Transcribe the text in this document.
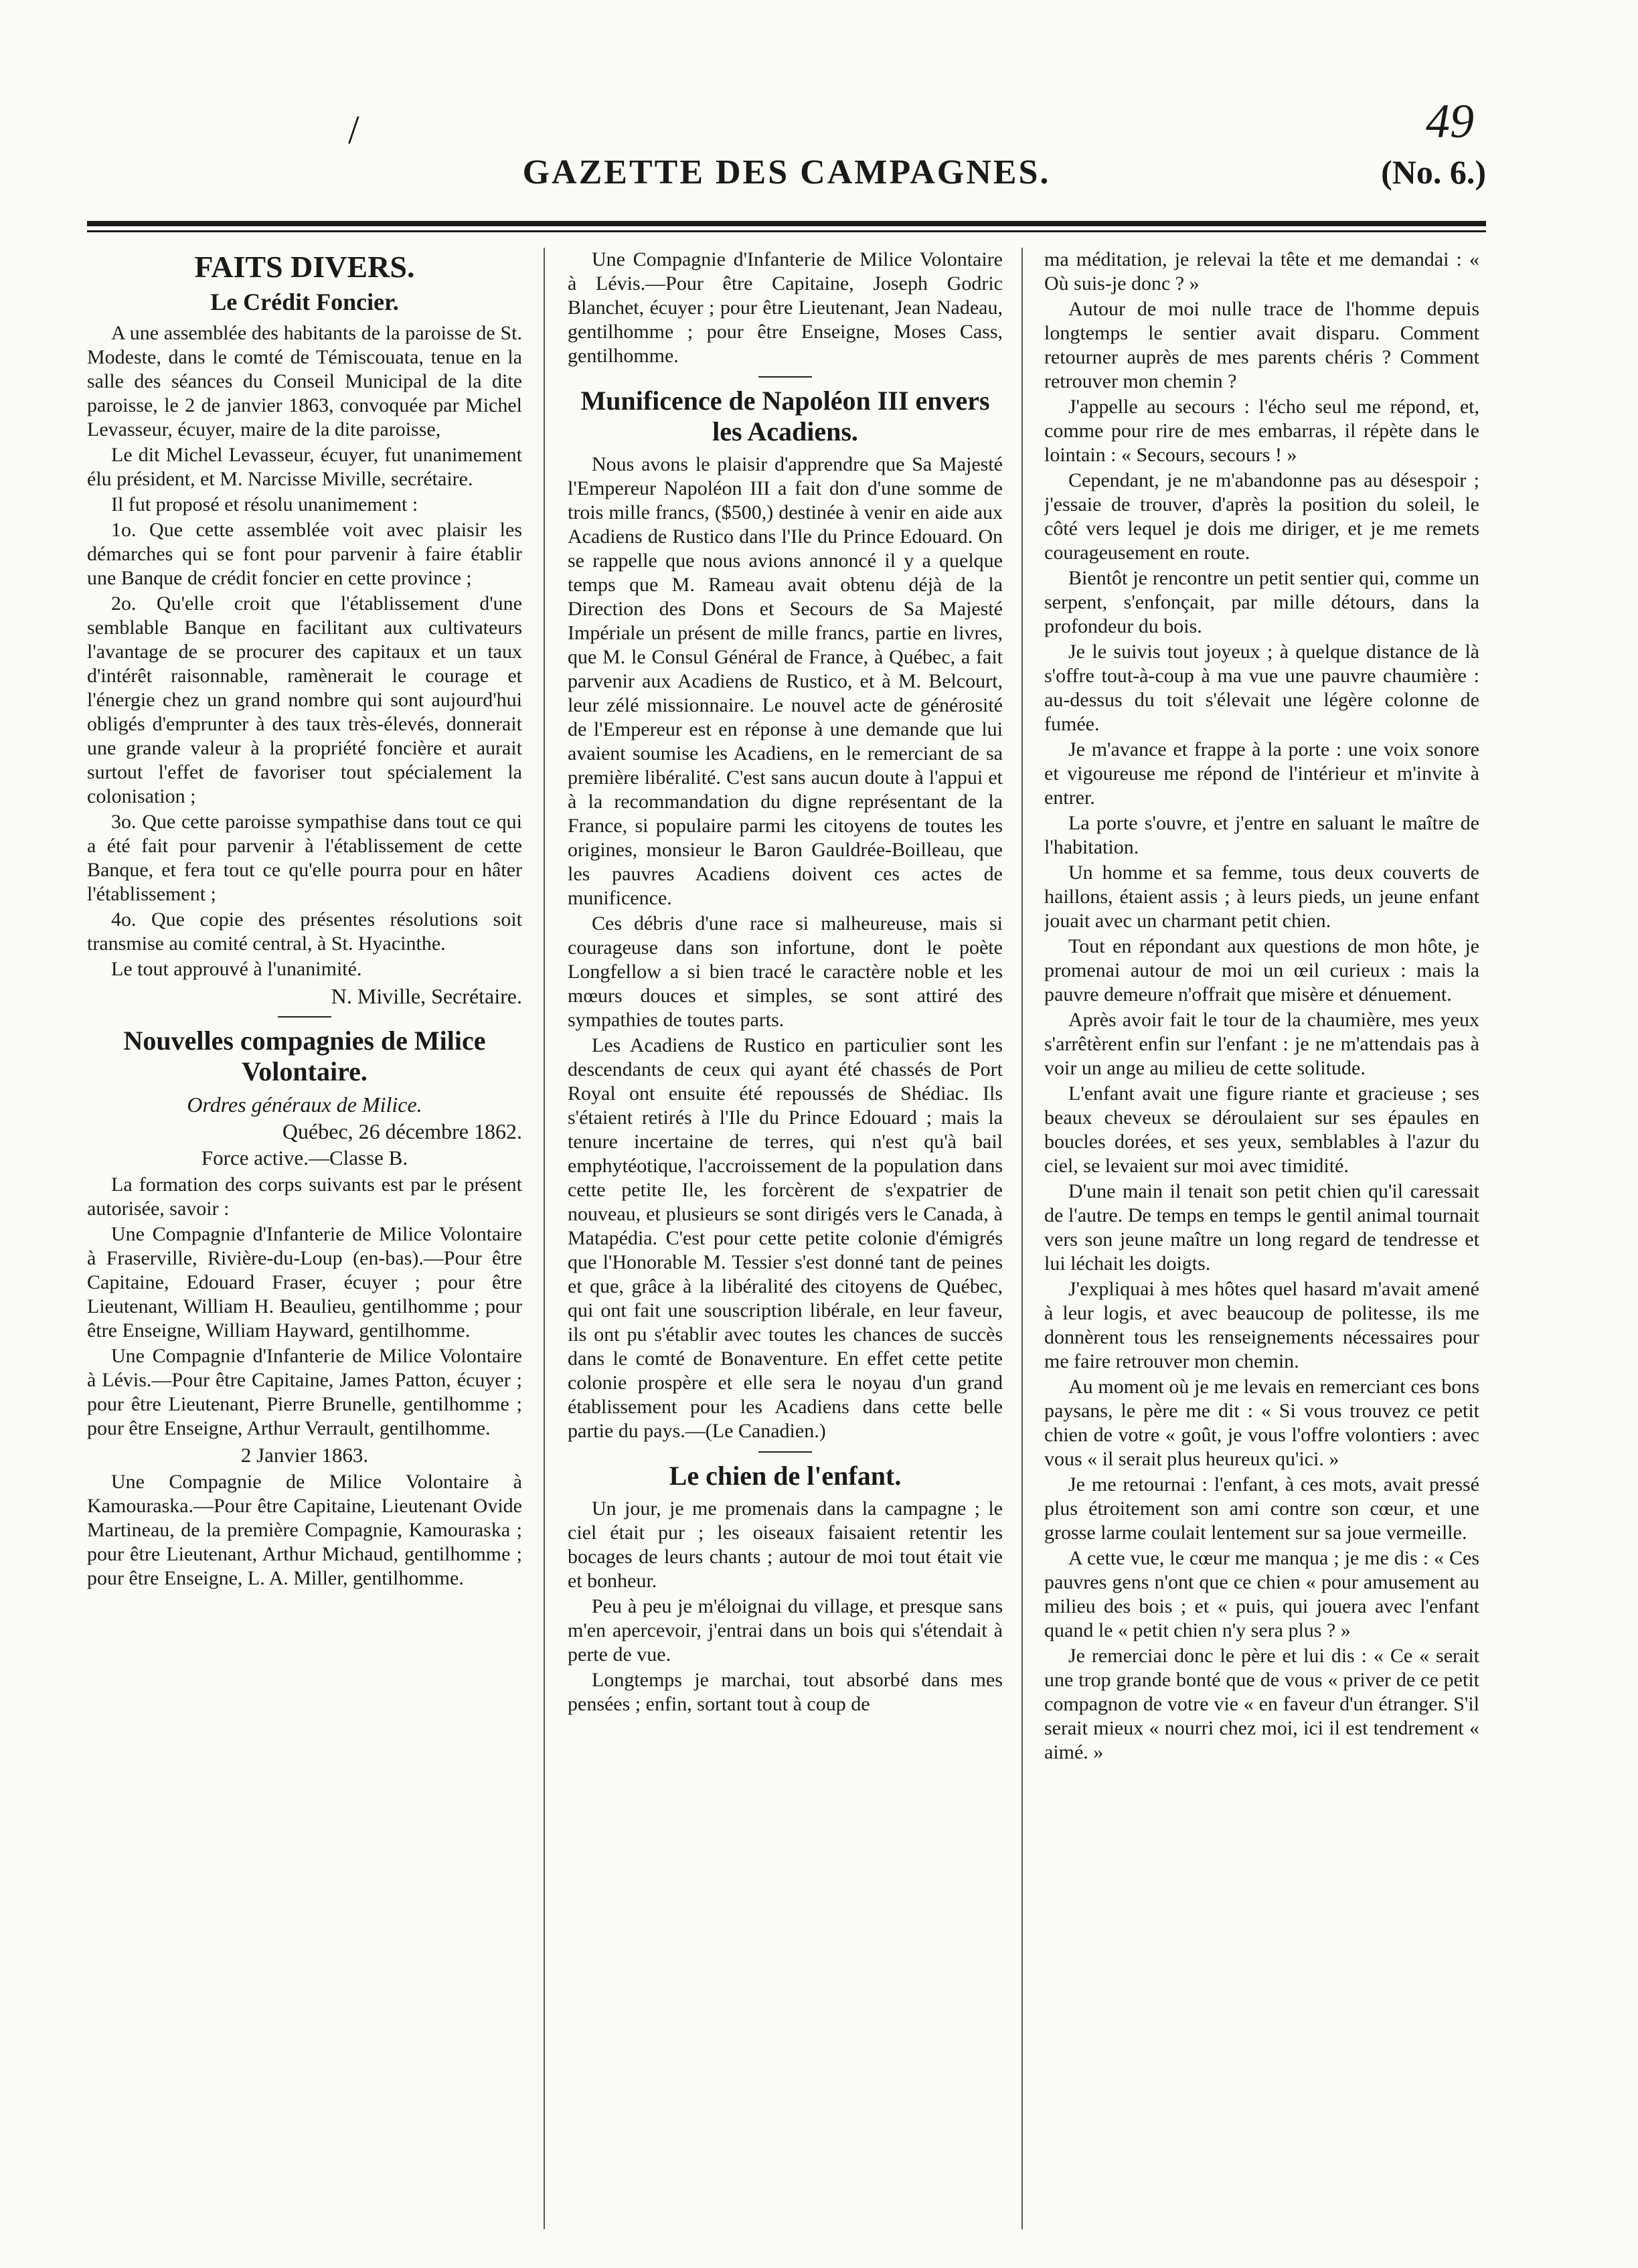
/	49
GAZETTE DES CAMPAGNES.	(No. 6.)
FAITS DIVERS.
Le Crédit Foncier.

A une assemblée des habitants de la paroisse de St. Modeste, dans le comté de Témiscouata, tenue en la salle des séances du Conseil Municipal de la dite paroisse, le 2 de janvier 1863, convoquée par Michel Levasseur, écuyer, maire de la dite paroisse,

Le dit Michel Levasseur, écuyer, fut unanimement élu président, et M. Narcisse Miville, secrétaire.

Il fut proposé et résolu unanimement :

1o. Que cette assemblée voit avec plaisir les démarches qui se font pour parvenir à faire établir une Banque de crédit foncier en cette province ;

2o. Qu'elle croit que l'établissement d'une semblable Banque en facilitant aux cultivateurs l'avantage de se procurer des capitaux et un taux d'intérêt raisonnable, ramènerait le courage et l'énergie chez un grand nombre qui sont aujourd'hui obligés d'emprunter à des taux très-élevés, donnerait une grande valeur à la propriété foncière et aurait surtout l'effet de favoriser tout spécialement la colonisation ;

3o. Que cette paroisse sympathise dans tout ce qui a été fait pour parvenir à l'établissement de cette Banque, et fera tout ce qu'elle pourra pour en hâter l'établissement ;

4o. Que copie des présentes résolutions soit transmise au comité central, à St. Hyacinthe.

Le tout approuvé à l'unanimité.

N. Miville, Secrétaire.
Nouvelles compagnies de Milice Volontaire.
Ordres généraux de Milice.
Québec, 26 décembre 1862.
Force active.—Classe B.

La formation des corps suivants est par le présent autorisée, savoir :

Une Compagnie d'Infanterie de Milice Volontaire à Fraserville, Rivière-du-Loup (en-bas).—Pour être Capitaine, Edouard Fraser, écuyer ; pour être Lieutenant, William H. Beaulieu, gentilhomme ; pour être Enseigne, William Hayward, gentilhomme.

Une Compagnie d'Infanterie de Milice Volontaire à Lévis.—Pour être Capitaine, James Patton, écuyer ; pour être Lieutenant, Pierre Brunelle, gentilhomme ; pour être Enseigne, Arthur Verrault, gentilhomme.

2 Janvier 1863.

Une Compagnie de Milice Volontaire à Kamouraska.—Pour être Capitaine, Lieutenant Ovide Martineau, de la première Compagnie, Kamouraska ; pour être Lieutenant, Arthur Michaud, gentilhomme ; pour être Enseigne, L. A. Miller, gentilhomme.

Une Compagnie d'Infanterie de Milice Volontaire à Lévis.—Pour être Capitaine, Joseph Godric Blanchet, écuyer ; pour être Lieutenant, Jean Nadeau, gentilhomme ; pour être Enseigne, Moses Cass, gentilhomme.

Munificence de Napoléon III envers les Acadiens.

Nous avons le plaisir d'apprendre que Sa Majesté l'Empereur Napoléon III a fait don d'une somme de trois mille francs, ($500,) destinée à venir en aide aux Acadiens de Rustico dans l'Ile du Prince Edouard. On se rappelle que nous avions annoncé il y a quelque temps que M. Rameau avait obtenu déjà de la Direction des Dons et Secours de Sa Majesté Impériale un présent de mille francs, partie en livres, que M. le Consul Général de France, à Québec, a fait parvenir aux Acadiens de Rustico, et à M. Belcourt, leur zélé missionnaire. Le nouvel acte de générosité de l'Empereur est en réponse à une demande que lui avaient soumise les Acadiens, en le remerciant de sa première libéralité. C'est sans aucun doute à l'appui et à la recommandation du digne représentant de la France, si populaire parmi les citoyens de toutes les origines, monsieur le Baron Gauldrée-Boilleau, que les pauvres Acadiens doivent ces actes de munificence.

Ces débris d'une race si malheureuse, mais si courageuse dans son infortune, dont le poète Longfellow a si bien tracé le caractère noble et les mœurs douces et simples, se sont attiré des sympathies de toutes parts.

Les Acadiens de Rustico en particulier sont les descendants de ceux qui ayant été chassés de Port Royal ont ensuite été repoussés de Shédiac. Ils s'étaient retirés à l'Ile du Prince Edouard ; mais la tenure incertaine de terres, qui n'est qu'à bail emphytéotique, l'accroissement de la population dans cette petite Ile, les forcèrent de s'expatrier de nouveau, et plusieurs se sont dirigés vers le Canada, à Matapédia. C'est pour cette petite colonie d'émigrés que l'Honorable M. Tessier s'est donné tant de peines et que, grâce à la libéralité des citoyens de Québec, qui ont fait une souscription libérale, en leur faveur, ils ont pu s'établir avec toutes les chances de succès dans le comté de Bonaventure. En effet cette petite colonie prospère et elle sera le noyau d'un grand établissement pour les Acadiens dans cette belle partie du pays.—(Le Canadien.)

Le chien de l'enfant.

Un jour, je me promenais dans la campagne ; le ciel était pur ; les oiseaux faisaient retentir les bocages de leurs chants ; autour de moi tout était vie et bonheur.

Peu à peu je m'éloignai du village, et presque sans m'en apercevoir, j'entrai dans un bois qui s'étendait à perte de vue.

Longtemps je marchai, tout absorbé dans mes pensées ; enfin, sortant tout à coup de

ma méditation, je relevai la tête et me demandai : « Où suis-je donc ? »

Autour de moi nulle trace de l'homme depuis longtemps le sentier avait disparu. Comment retourner auprès de mes parents chéris ? Comment retrouver mon chemin ?

J'appelle au secours : l'écho seul me répond, et, comme pour rire de mes embarras, il répète dans le lointain : « Secours, secours ! »

Cependant, je ne m'abandonne pas au désespoir ; j'essaie de trouver, d'après la position du soleil, le côté vers lequel je dois me diriger, et je me remets courageusement en route.

Bientôt je rencontre un petit sentier qui, comme un serpent, s'enfonçait, par mille détours, dans la profondeur du bois.

Je le suivis tout joyeux ; à quelque distance de là s'offre tout-à-coup à ma vue une pauvre chaumière : au-dessus du toit s'élevait une légère colonne de fumée.

Je m'avance et frappe à la porte : une voix sonore et vigoureuse me répond de l'intérieur et m'invite à entrer.

La porte s'ouvre, et j'entre en saluant le maître de l'habitation.

Un homme et sa femme, tous deux couverts de haillons, étaient assis ; à leurs pieds, un jeune enfant jouait avec un charmant petit chien.

Tout en répondant aux questions de mon hôte, je promenai autour de moi un œil curieux : mais la pauvre demeure n'offrait que misère et dénuement.

Après avoir fait le tour de la chaumière, mes yeux s'arrêtèrent enfin sur l'enfant : je ne m'attendais pas à voir un ange au milieu de cette solitude.

L'enfant avait une figure riante et gracieuse ; ses beaux cheveux se déroulaient sur ses épaules en boucles dorées, et ses yeux, semblables à l'azur du ciel, se levaient sur moi avec timidité.

D'une main il tenait son petit chien qu'il caressait de l'autre. De temps en temps le gentil animal tournait vers son jeune maître un long regard de tendresse et lui léchait les doigts.

J'expliquai à mes hôtes quel hasard m'avait amené à leur logis, et avec beaucoup de politesse, ils me donnèrent tous les renseignements nécessaires pour me faire retrouver mon chemin.

Au moment où je me levais en remerciant ces bons paysans, le père me dit : « Si vous trouvez ce petit chien de votre « goût, je vous l'offre volontiers : avec vous « il serait plus heureux qu'ici. »

Je me retournai : l'enfant, à ces mots, avait pressé plus étroitement son ami contre son cœur, et une grosse larme coulait lentement sur sa joue vermeille.

A cette vue, le cœur me manqua ; je me dis : « Ces pauvres gens n'ont que ce chien « pour amusement au milieu des bois ; et « puis, qui jouera avec l'enfant quand le « petit chien n'y sera plus ? »

Je remerciai donc le père et lui dis : « Ce « serait une trop grande bonté que de vous « priver de ce petit compagnon de votre vie « en faveur d'un étranger. S'il serait mieux « nourri chez moi, ici il est tendrement « aimé. »
